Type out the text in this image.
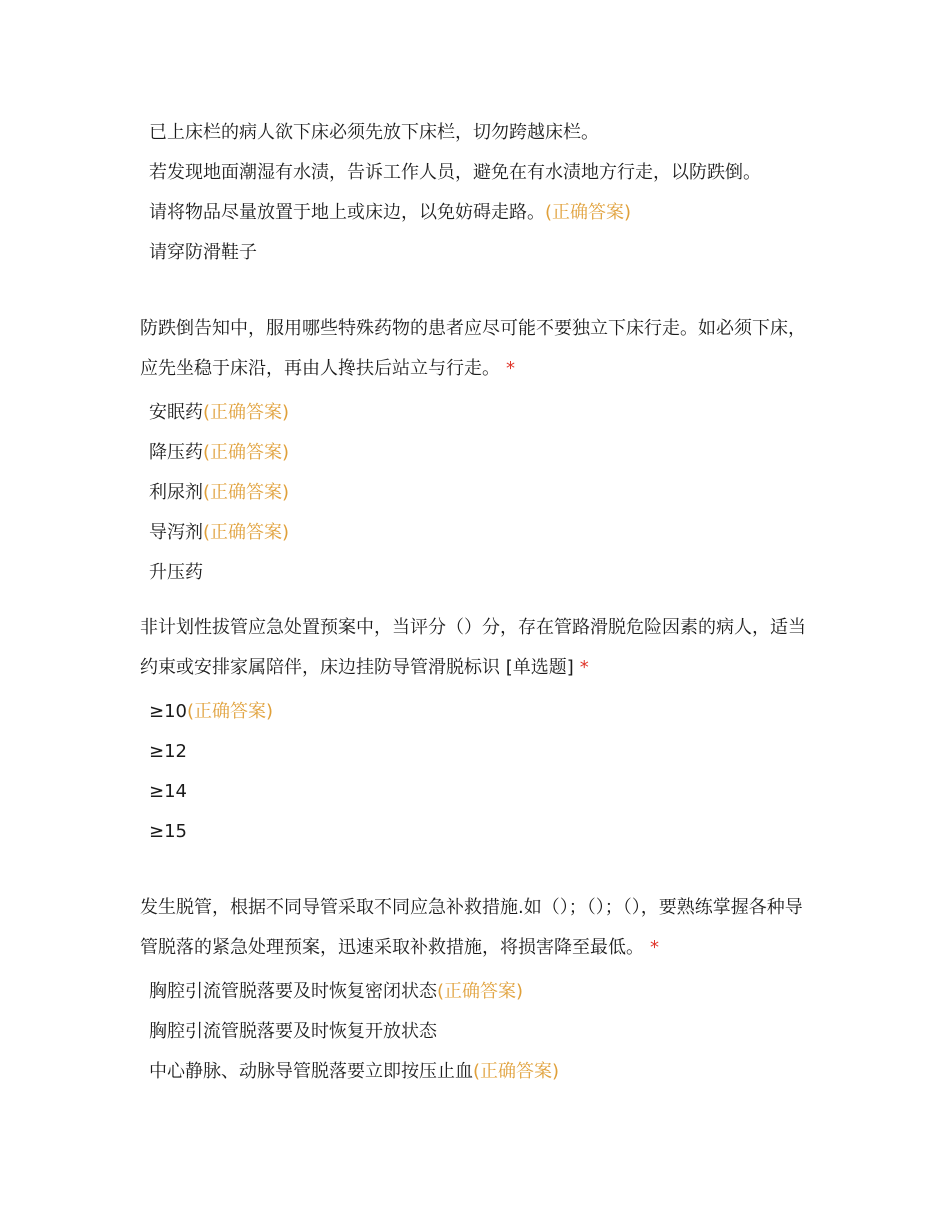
已上床栏的病人欲下床必须先放下床栏，切勿跨越床栏。
若发现地面潮湿有水渍，告诉工作人员，避免在有水渍地方行走，以防跌倒。
请将物品尽量放置于地上或床边，以免妨碍走路。(正确答案)
请穿防滑鞋子
防跌倒告知中，服用哪些特殊药物的患者应尽可能不要独立下床行走。如必须下床，应先坐稳于床沿，再由人搀扶后站立与行走。 *
安眠药(正确答案)
降压药(正确答案)
利尿剂(正确答案)
导泻剂(正确答案)
升压药
非计划性拔管应急处置预案中，当评分（）分，存在管路滑脱危险因素的病人，适当约束或安排家属陪伴，床边挂防导管滑脱标识 [单选题] *
≥10(正确答案)
≥12
≥14
≥15
发生脱管，根据不同导管采取不同应急补救措施.如（）；（）；（），要熟练掌握各种导管脱落的紧急处理预案，迅速采取补救措施，将损害降至最低。 *
胸腔引流管脱落要及时恢复密闭状态(正确答案)
胸腔引流管脱落要及时恢复开放状态
中心静脉、动脉导管脱落要立即按压止血(正确答案)
